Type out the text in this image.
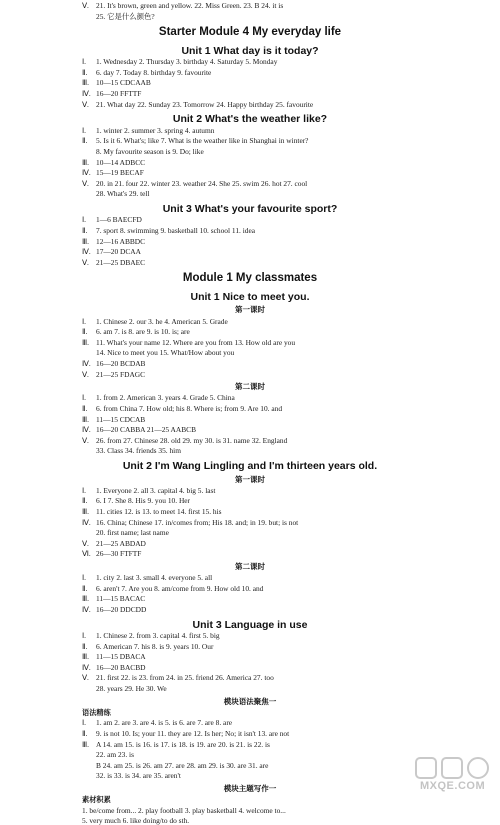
Ⅴ. 21. It's brown, green and yellow. 22. Miss Green. 23. B 24. it is
25. 它是什么颜色?
Starter Module 4 My everyday life
Unit 1 What day is it today?
Ⅰ. 1. Wednesday 2. Thursday 3. birthday 4. Saturday 5. Monday
Ⅱ. 6. day 7. Today 8. birthday 9. favourite
Ⅲ. 10—15 CDCAAB
Ⅳ. 16—20 FFTTF
Ⅴ. 21. What day 22. Sunday 23. Tomorrow 24. Happy birthday 25. favourite
Unit 2 What's the weather like?
Ⅰ. 1. winter 2. summer 3. spring 4. autumn
Ⅱ. 5. Is it 6. What's; like 7. What is the weather like in Shanghai in winter?
8. My favourite season is 9. Do; like
Ⅲ. 10—14 ADBCC
Ⅳ. 15—19 BECAF
Ⅴ. 20. in 21. four 22. winter 23. weather 24. She 25. swim 26. hot 27. cool
28. What's 29. tell
Unit 3 What's your favourite sport?
Ⅰ. 1—6 BAECFD
Ⅱ. 7. sport 8. swimming 9. basketball 10. school 11. idea
Ⅲ. 12—16 ABBDC
Ⅳ. 17—20 DCAA
Ⅴ. 21—25 DBAEC
Module 1 My classmates
Unit 1 Nice to meet you.
第一课时
Ⅰ. 1. Chinese 2. our 3. he 4. American 5. Grade
Ⅱ. 6. am 7. is 8. are 9. is 10. is; are
Ⅲ. 11. What's your name 12. Where are you from 13. How old are you
14. Nice to meet you 15. What/How about you
Ⅳ. 16—20 BCDAB
Ⅴ. 21—25 FDAGC
第二课时
Ⅰ. 1. from 2. American 3. years 4. Grade 5. China
Ⅱ. 6. from China 7. How old; his 8. Where is; from 9. Are 10. and
Ⅲ. 11—15 CDCAB
Ⅳ. 16—20 CABBA 21—25 AABCB
Ⅴ. 26. from 27. Chinese 28. old 29. my 30. is 31. name 32. England
33. Class 34. friends 35. him
Unit 2 I'm Wang Lingling and I'm thirteen years old.
第一课时
Ⅰ. 1. Everyone 2. all 3. capital 4. big 5. last
Ⅱ. 6. I 7. She 8. His 9. you 10. Her
Ⅲ. 11. cities 12. is 13. to meet 14. first 15. his
Ⅳ. 16. China; Chinese 17. in/comes from; His 18. and; in 19. but; is not
20. first name; last name
Ⅴ. 21—25 ABDAD
Ⅵ. 26—30 FTFTF
第二课时
Ⅰ. 1. city 2. last 3. small 4. everyone 5. all
Ⅱ. 6. aren't 7. Are you 8. am/come from 9. How old 10. and
Ⅲ. 11—15 BACAC
Ⅳ. 16—20 DDCDD
Unit 3 Language in use
Ⅰ. 1. Chinese 2. from 3. capital 4. first 5. big
Ⅱ. 6. American 7. his 8. is 9. years 10. Our
Ⅲ. 11—15 DBACA
Ⅳ. 16—20 BACBD
Ⅴ. 21. first 22. is 23. from 24. in 25. friend 26. America 27. too
28. years 29. He 30. We
模块语法聚焦一
语法精练
Ⅰ. 1. am 2. are 3. are 4. is 5. is 6. are 7. are 8. are
Ⅱ. 9. is not 10. Is; your 11. they are 12. Is her; No; it isn't 13. are not
Ⅲ. A 14. am 15. is 16. is 17. is 18. is 19. are 20. is 21. is 22. is
22. am 23. is
B 24. am 25. is 26. am 27. are 28. am 29. is 30. are 31. are
32. is 33. is 34. are 35. aren't
模块主题写作一
素材积累
1. be/come from... 2. play football 3. play basketball 4. welcome to...
5. very much 6. like doing/to do sth.
MXQE.COM
